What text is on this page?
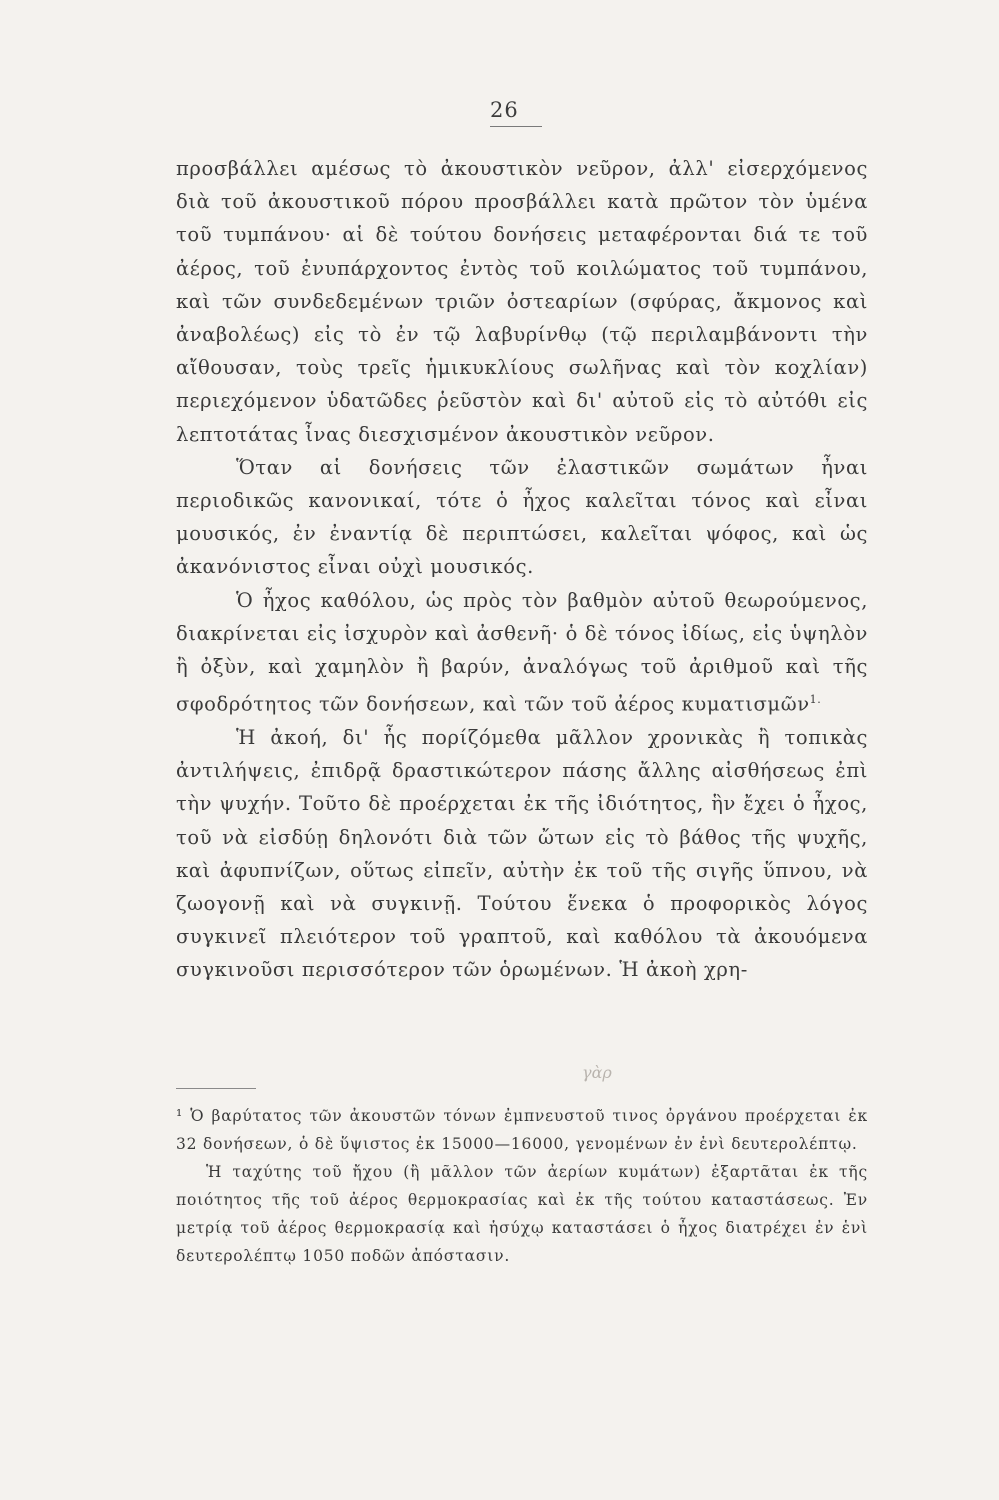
26

προσβάλλει αμέσως τὸ ἀκουστικὸν νεῦρον, ἀλλ' εἰσερχόμενος διὰ τοῦ ἀκουστικοῦ πόρου προσβάλλει κατὰ πρῶτον τὸν ὑμένα τοῦ τυμπάνου· αἱ δὲ τούτου δονήσεις μεταφέρονται διά τε τοῦ ἀέρος, τοῦ ἐνυπάρχοντος ἐντὸς τοῦ κοιλώματος τοῦ τυμπάνου, καὶ τῶν συνδεδεμένων τριῶν ὀστεαρίων (σφύρας, ἄκμονος καὶ ἀναβολέως) εἰς τὸ ἐν τῷ λαβυρίνθῳ (τῷ περιλαμβάνοντι τὴν αἴθουσαν, τοὺς τρεῖς ἡμικυκλίους σωλῆνας καὶ τὸν κοχλίαν) περιεχόμενον ὑδατῶδες ῥεῦστὸν καὶ δι' αὐτοῦ εἰς τὸ αὐτόθι εἰς λεπτοτάτας ἶνας διεσχισμένον ἀκουστικὸν νεῦρον.

Ὅταν αἱ δονήσεις τῶν ἐλαστικῶν σωμάτων ἦναι περιοδικῶς κανονικαί, τότε ὁ ἦχος καλεῖται τόνος καὶ εἶναι μουσικός, ἐν ἐναντίᾳ δὲ περιπτώσει, καλεῖται ψόφος, καὶ ὡς ἀκανόνιστος εἶναι οὐχὶ μουσικός.

Ὁ ἦχος καθόλου, ὡς πρὸς τὸν βαθμὸν αὐτοῦ θεωρούμενος, διακρίνεται εἰς ἰσχυρὸν καὶ ἀσθενῆ· ὁ δὲ τόνος ἰδίως, εἰς ὑψηλὸν ἢ ὀξὺν, καὶ χαμηλὸν ἢ βαρύν, ἀναλόγως τοῦ ἀριθμοῦ καὶ τῆς σφοδρότητος τῶν δονήσεων, καὶ τῶν τοῦ ἀέρος κυματισμῶν$^{1.}$

Ἡ ἀκοή, δι' ἧς πορίζόμεθα μᾶλλον χρονικὰς ἢ τοπικὰς ἀντιλήψεις, ἐπιδρᾷ δραστικώτερον πάσης ἄλλης αἰσθήσεως ἐπὶ τὴν ψυχήν. Τοῦτο δὲ προέρχεται ἐκ τῆς ἰδιότητος, ἣν ἔχει ὁ ἦχος, τοῦ νὰ εἰσδύῃ δηλονότι διὰ τῶν ὤτων εἰς τὸ βάθος τῆς ψυχῆς, καὶ ἀφυπνίζων, οὕτως εἰπεῖν, αὐτὴν ἐκ τοῦ τῆς σιγῆς ὕπνου, νὰ ζωογονῇ καὶ νὰ συγκινῇ. Τούτου ἕνεκα ὁ προφορικὸς λόγος συγκινεῖ πλειότερον τοῦ γραπτοῦ, καὶ καθόλου τὰ ἀκουόμενα συγκινοῦσι περισσότερον τῶν ὁρωμένων. Ἡ ἀκοὴ χρη-

γὰρ

¹ Ὁ βαρύτατος τῶν ἀκουστῶν τόνων ἐμπνευστοῦ τινος ὀργάνου προέρχεται ἐκ 32 δονήσεων, ὁ δὲ ὕψιστος ἐκ 15000—16000, γενομένων ἐν ἑνὶ δευτερολέπτῳ.

Ἡ ταχύτης τοῦ ἤχου (ἢ μᾶλλον τῶν ἀερίων κυμάτων) ἐξαρτᾶται ἐκ τῆς ποιότητος τῆς τοῦ ἀέρος θερμοκρασίας καὶ ἐκ τῆς τούτου καταστάσεως. Ἐν μετρίᾳ τοῦ ἀέρος θερμοκρασίᾳ καὶ ἡσύχῳ καταστάσει ὁ ἦχος διατρέχει ἐν ἑνὶ δευτερολέπτῳ 1050 ποδῶν ἀπόστασιν.
